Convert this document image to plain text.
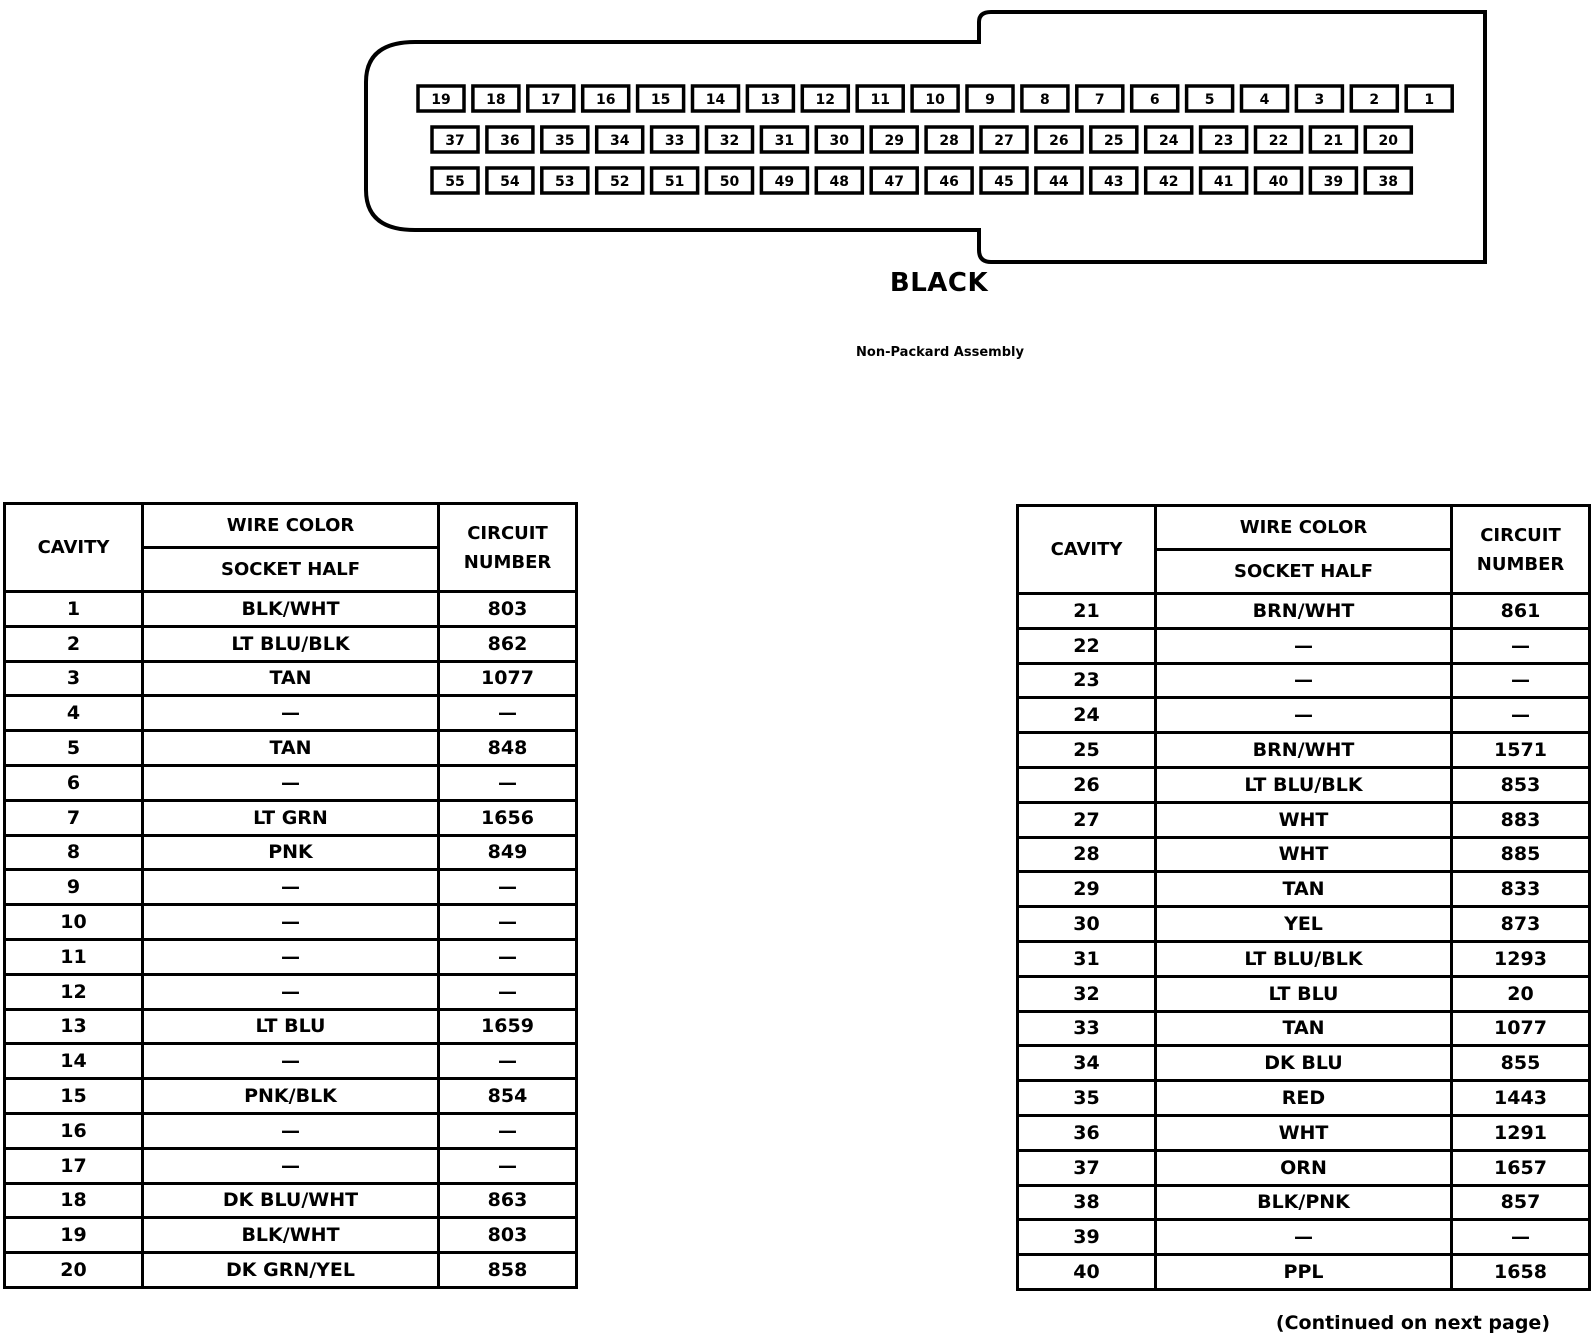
19	18	17	16	15	14	13	12	11	10	9	8	7	6	5	4	3	2	1
37	36	35	34	33	32	31	30	29	28	27	26	25	24	23	22	21	20
55	54	53	52	51	50	49	48	47	46	45	44	43	42	41	40	39	38
BLACK
Non-Packard Assembly
CAVITY	WIRE COLOR	CIRCUIT
NUMBER

	SOCKET HALF	
1	BLK/WHT	803
2	LT BLU/BLK	862
3	TAN	1077
4	—	—
5	TAN	848
6	—	—
7	LT GRN	1656
8	PNK	849
9	—	—
10	—	—
11	—	—
12	—	—
13	LT BLU	1659
14	—	—
15	PNK/BLK	854
16	—	—
17	—	—
18	DK BLU/WHT	863
19	BLK/WHT	803
20	DK GRN/YEL	858
CAVITY	WIRE COLOR	CIRCUIT
NUMBER

	SOCKET HALF	
21	BRN/WHT	861
22	—	—
23	—	—
24	—	—
25	BRN/WHT	1571
26	LT BLU/BLK	853
27	WHT	883
28	WHT	885
29	TAN	833
30	YEL	873
31	LT BLU/BLK	1293
32	LT BLU	20
33	TAN	1077
34	DK BLU	855
35	RED	1443
36	WHT	1291
37	ORN	1657
38	BLK/PNK	857
39	—	—
40	PPL	1658
(Continued on next page)
